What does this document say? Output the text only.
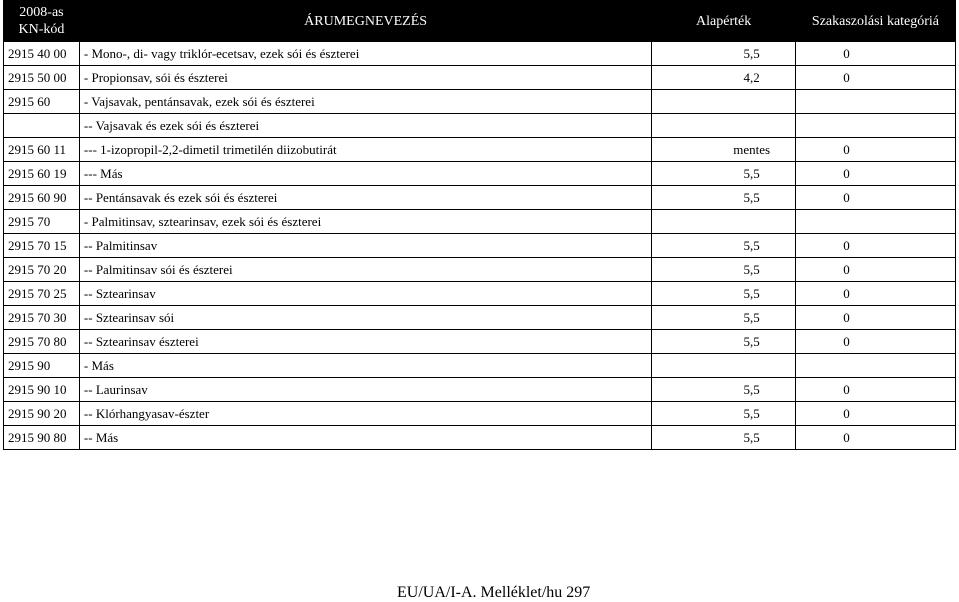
2008-as
KN-kód	ÁRUMEGNEVEZÉS	Alapérték	Szakaszolási kategóriá
2915 40 00	- Mono-, di- vagy triklór-ecetsav, ezek sói és észterei	5,5	0
2915 50 00	- Propionsav, sói és észterei	4,2	0
2915 60	- Vajsavak, pentánsavak, ezek sói és észterei		
	-- Vajsavak és ezek sói és észterei		
2915 60 11	--- 1-izopropil-2,2-dimetil trimetilén diizobutirát	mentes	0
2915 60 19	--- Más	5,5	0
2915 60 90	-- Pentánsavak és ezek sói és észterei	5,5	0
2915 70	- Palmitinsav, sztearinsav, ezek sói és észterei		
2915 70 15	-- Palmitinsav	5,5	0
2915 70 20	-- Palmitinsav sói és észterei	5,5	0
2915 70 25	-- Sztearinsav	5,5	0
2915 70 30	-- Sztearinsav sói	5,5	0
2915 70 80	-- Sztearinsav észterei	5,5	0
2915 90	- Más		
2915 90 10	-- Laurinsav	5,5	0
2915 90 20	-- Klórhangyasav-észter	5,5	0
2915 90 80	-- Más	5,5	0
EU/UA/I-A. Melléklet/hu 297
